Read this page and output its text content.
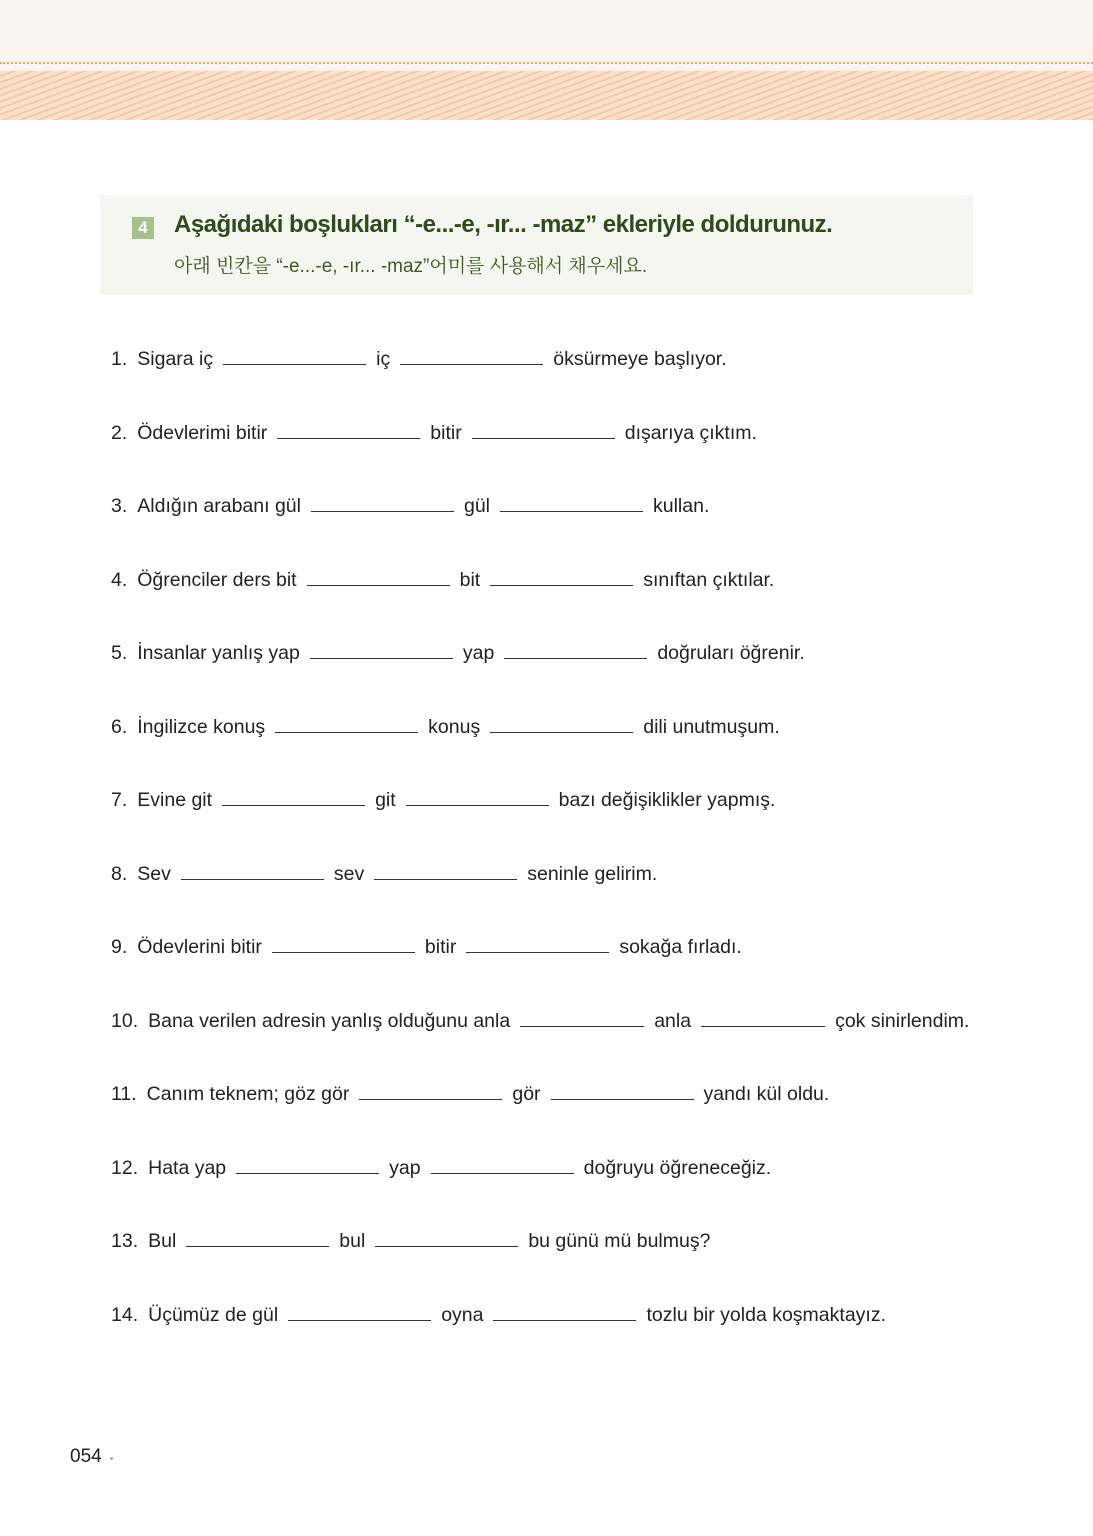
4 Aşağıdaki boşlukları “-e...-e, -ır... -maz” ekleriyle doldurunuz.
아래 빈칸을 “-e...-e, -ır... -maz”어미를 사용해서 채우세요.
1. Sigara iç	iç	öksürmeye başlıyor.
2. Ödevlerimi bitir	bitir	dışarıya çıktım.
3. Aldığın arabanı gül	gül	kullan.
4. Öğrenciler ders bit	bit	sınıftan çıktılar.
5. İnsanlar yanlış yap	yap	doğruları öğrenir.
6. İngilizce konuş	konuş	dili unutmuşum.
7. Evine git	git	bazı değişiklikler yapmış.
8. Sev	sev	seninle gelirim.
9. Ödevlerini bitir	bitir	sokağa fırladı.
10. Bana verilen adresin yanlış olduğunu anla	anla	çok sinirlendim.
11. Canım teknem; göz gör	gör	yandı kül oldu.
12. Hata yap	yap	doğruyu öğreneceğiz.
13. Bul	bul	bu günü mü bulmuş?
14. Üçümüz de gül	oyna	tozlu bir yolda koşmaktayız.
054
